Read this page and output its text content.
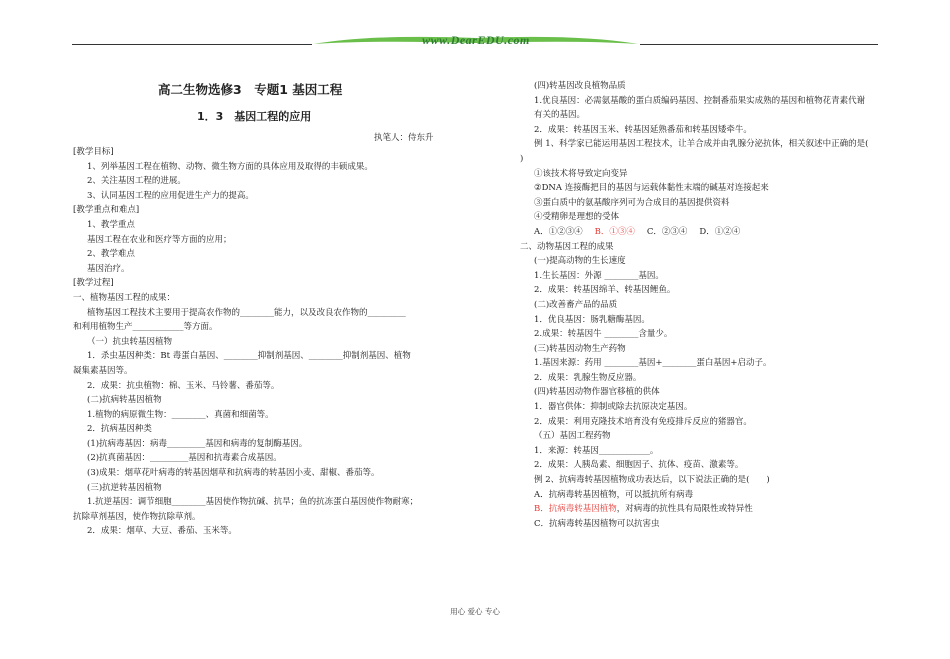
www.DearEDU.com
高二生物选修3　专题1 基因工程
1．3　基因工程的应用
执笔人：侍东升
[教学目标]
1、列举基因工程在植物、动物、微生物方面的具体应用及取得的丰硕成果。
2、关注基因工程的进展。
3、认同基因工程的应用促进生产力的提高。
[教学重点和难点]
1、教学重点
基因工程在农业和医疗等方面的应用；
2、教学难点
基因治疗。
[教学过程]
一、植物基因工程的成果：
植物基因工程技术主要用于提高农作物的________能力，以及改良农作物的_________
和利用植物生产____________等方面。
（一）抗虫转基因植物
1．杀虫基因种类：Bt 毒蛋白基因、________抑制剂基因、________抑制剂基因、植物
凝集素基因等。
2．成果：抗虫植物：棉、玉米、马铃薯、番茄等。
(二)抗病转基因植物
1.植物的病原微生物：________、真菌和细菌等。
2．抗病基因种类
(1)抗病毒基因：病毒_________基因和病毒的复制酶基因。
(2)抗真菌基因：_________基因和抗毒素合成基因。
(3)成果：烟草花叶病毒的转基因烟草和抗病毒的转基因小麦、甜椒、番茄等。
(三)抗逆转基因植物
1.抗逆基因：调节细胞________基因使作物抗碱、抗旱；鱼的抗冻蛋白基因使作物耐寒；
抗除草剂基因，使作物抗除草剂。
2．成果：烟草、大豆、番茄、玉米等。
(四)转基因改良植物品质
1.优良基因：必需氨基酸的蛋白质编码基因、控制番茄果实成熟的基因和植物花青素代谢
有关的基因。
2．成果：转基因玉米、转基因延熟番茄和转基因矮牵牛。
例 1、科学家已能运用基因工程技术，让羊合成并由乳腺分泌抗体，相关叙述中正确的是(
)
①该技术将导致定向变异
②DNA 连接酶把目的基因与运载体黏性末端的碱基对连接起来
③蛋白质中的氨基酸序列可为合成目的基因提供资料
④受精卵是理想的受体
A．①②③④ B．①③④ C．②③④ D．①②④
二、动物基因工程的成果
(一)提高动物的生长速度
1.生长基因：外源 ________基因。
2．成果：转基因绵羊、转基因鲤鱼。
(二)改善畜产品的品质
1．优良基因：肠乳糖酶基因。
2.成果：转基因牛 ________含量少。
(三)转基因动物生产药物
1.基因来源：药用 ________基因+________蛋白基因+启动子。
2．成果：乳腺生物反应器。
(四)转基因动物作器官移植的供体
1．器官供体：抑制或除去抗原决定基因。
2．成果：利用克隆技术培育没有免疫排斥反应的猪器官。
（五）基因工程药物
1．来源：转基因____________。
2．成果：人胰岛素、细胞因子、抗体、疫苗、激素等。
例 2、抗病毒转基因植物成功表达后，以下说法正确的是(　　)
A．抗病毒转基因植物，可以抵抗所有病毒
B．抗病毒转基因植物，对病毒的抗性具有局限性或特异性
C．抗病毒转基因植物可以抗害虫
用心 爱心 专心
